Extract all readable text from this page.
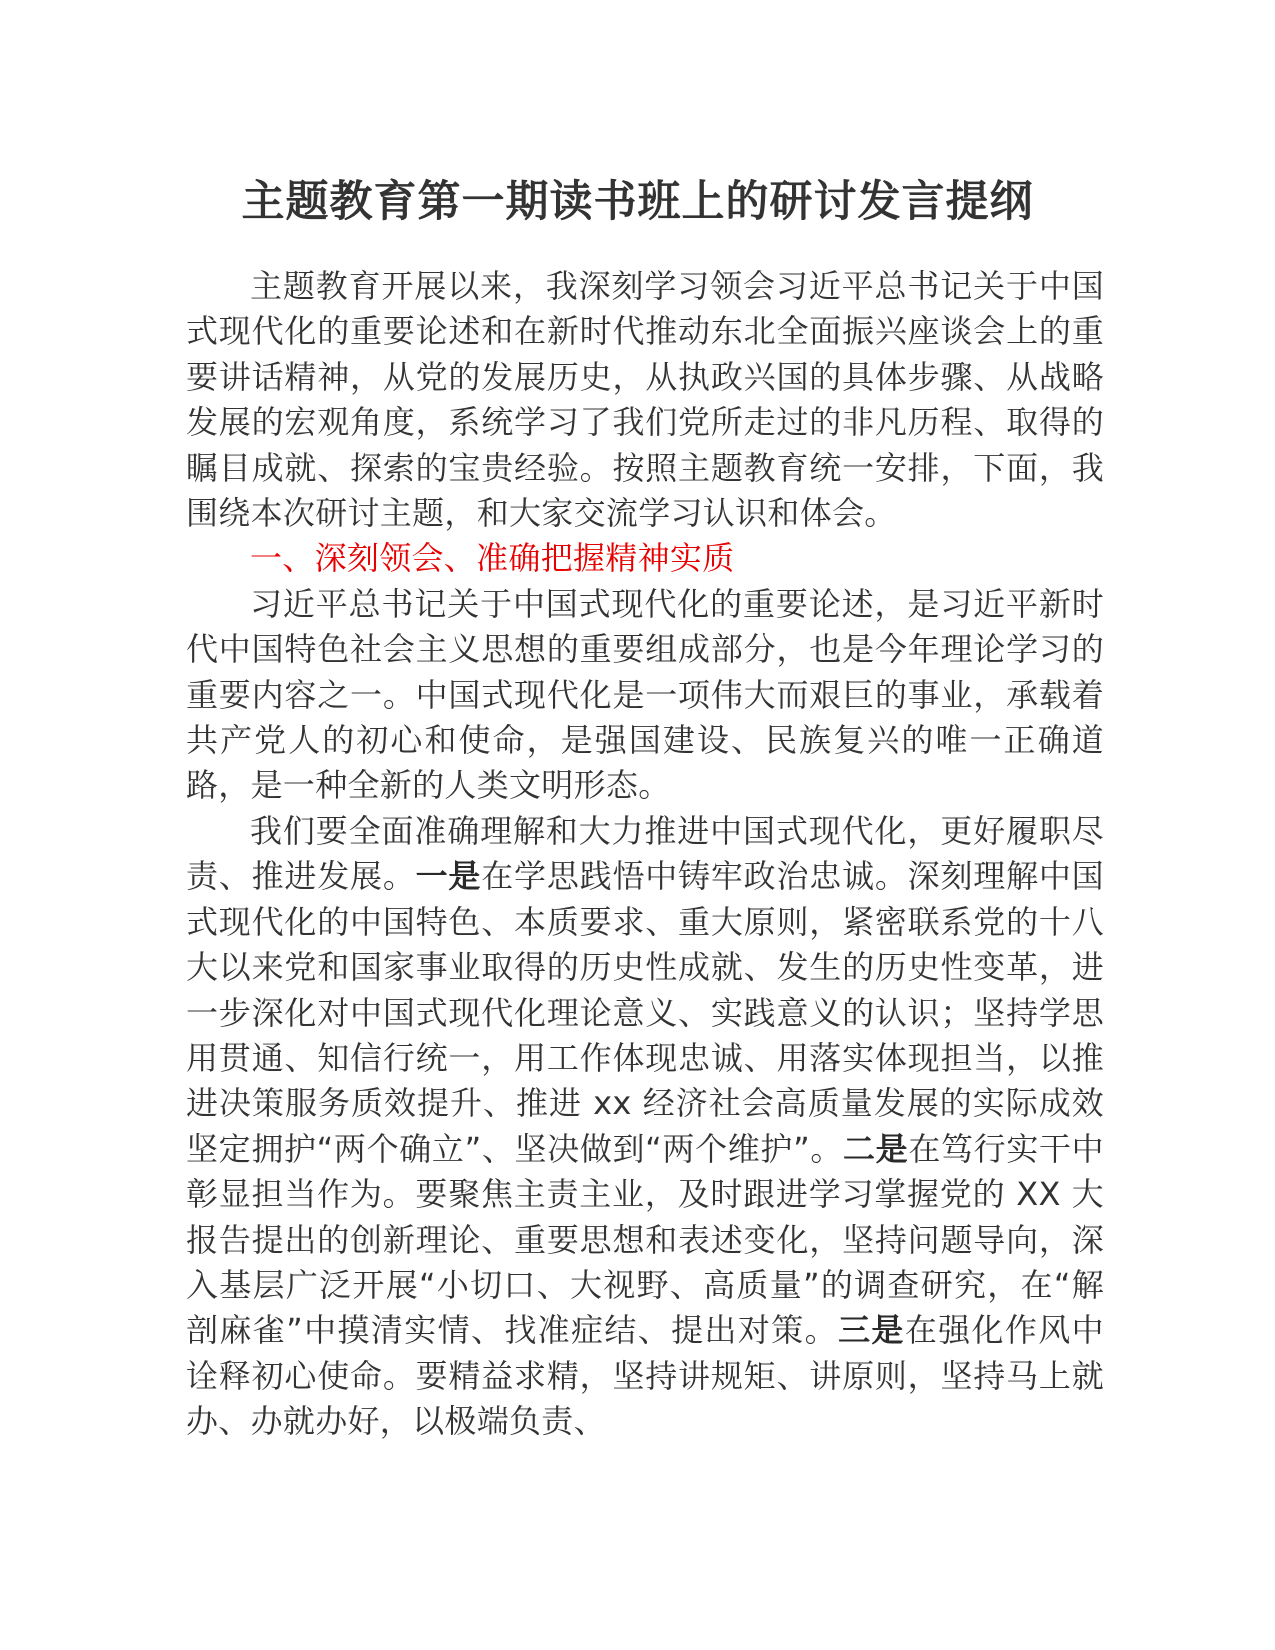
主题教育第一期读书班上的研讨发言提纲

主题教育开展以来，我深刻学习领会习近平总书记关于中国式现代化的重要论述和在新时代推动东北全面振兴座谈会上的重要讲话精神，从党的发展历史，从执政兴国的具体步骤、从战略发展的宏观角度，系统学习了我们党所走过的非凡历程、取得的瞩目成就、探索的宝贵经验。按照主题教育统一安排，下面，我围绕本次研讨主题，和大家交流学习认识和体会。

一、深刻领会、准确把握精神实质

习近平总书记关于中国式现代化的重要论述，是习近平新时代中国特色社会主义思想的重要组成部分，也是今年理论学习的重要内容之一。中国式现代化是一项伟大而艰巨的事业，承载着共产党人的初心和使命，是强国建设、民族复兴的唯一正确道路，是一种全新的人类文明形态。

我们要全面准确理解和大力推进中国式现代化，更好履职尽责、推进发展。一是在学思践悟中铸牢政治忠诚。深刻理解中国式现代化的中国特色、本质要求、重大原则，紧密联系党的十八大以来党和国家事业取得的历史性成就、发生的历史性变革，进一步深化对中国式现代化理论意义、实践意义的认识；坚持学思用贯通、知信行统一，用工作体现忠诚、用落实体现担当，以推进决策服务质效提升、推进 xx 经济社会高质量发展的实际成效坚定拥护“两个确立”、坚决做到“两个维护”。二是在笃行实干中彰显担当作为。要聚焦主责主业，及时跟进学习掌握党的 XX 大报告提出的创新理论、重要思想和表述变化，坚持问题导向，深入基层广泛开展“小切口、大视野、高质量”的调查研究，在“解剖麻雀”中摸清实情、找准症结、提出对策。三是在强化作风中诠释初心使命。要精益求精，坚持讲规矩、讲原则，坚持马上就办、办就办好，以极端负责、
